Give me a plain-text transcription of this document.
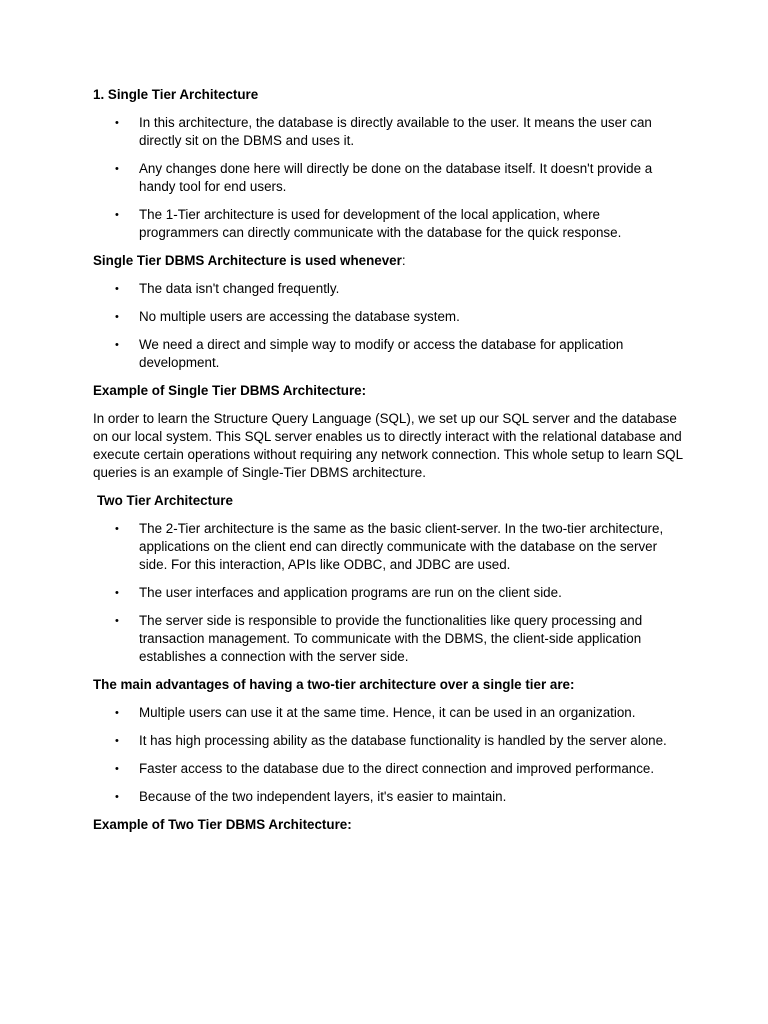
1. Single Tier Architecture
• In this architecture, the database is directly available to the user. It means the user can directly sit on the DBMS and uses it.
• Any changes done here will directly be done on the database itself. It doesn't provide a handy tool for end users.
• The 1-Tier architecture is used for development of the local application, where programmers can directly communicate with the database for the quick response.
Single Tier DBMS Architecture is used whenever:
• The data isn't changed frequently.
• No multiple users are accessing the database system.
• We need a direct and simple way to modify or access the database for application development.
Example of Single Tier DBMS Architecture:

In order to learn the Structure Query Language (SQL), we set up our SQL server and the database on our local system. This SQL server enables us to directly interact with the relational database and execute certain operations without requiring any network connection. This whole setup to learn SQL queries is an example of Single-Tier DBMS architecture.

Two Tier Architecture
• The 2-Tier architecture is the same as the basic client-server. In the two-tier architecture, applications on the client end can directly communicate with the database on the server side. For this interaction, APIs like ODBC, and JDBC are used.
• The user interfaces and application programs are run on the client side.
• The server side is responsible to provide the functionalities like query processing and transaction management. To communicate with the DBMS, the client-side application establishes a connection with the server side.
The main advantages of having a two-tier architecture over a single tier are:
• Multiple users can use it at the same time. Hence, it can be used in an organization.
• It has high processing ability as the database functionality is handled by the server alone.
• Faster access to the database due to the direct connection and improved performance.
• Because of the two independent layers, it's easier to maintain.
Example of Two Tier DBMS Architecture:
